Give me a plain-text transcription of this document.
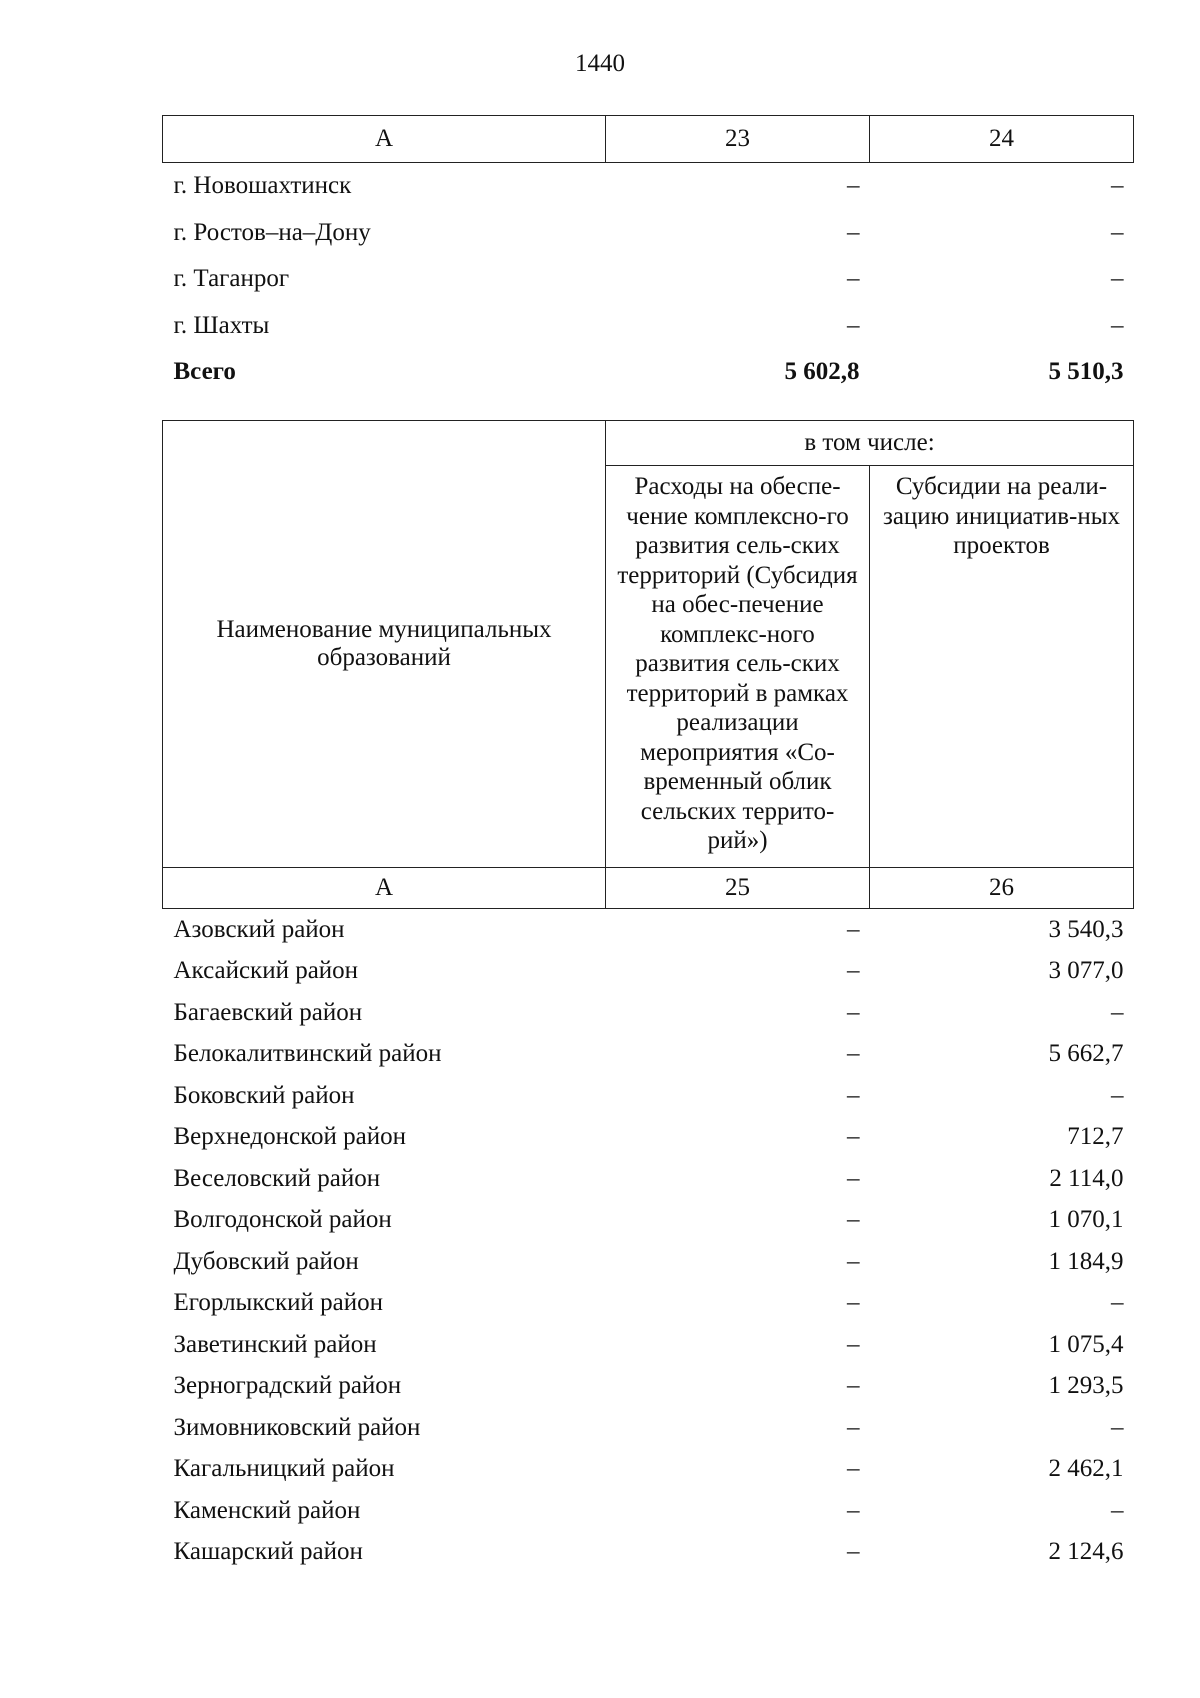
1440
А	23	24
г. Новошахтинск	–	–
г. Ростов–на–Дону	–	–
г. Таганрог	–	–
г. Шахты	–	–
Всего	5 602,8	5 510,3
Наименование муниципальных образований	в том числе:	
	Расходы на обеспе-чение комплексно-го развития сель-ских территорий (Субсидия на обес-печение комплекс-ного развития сель-ских территорий в рамках реализации мероприятия «Со-временный облик сельских террито-рий»)	Субсидии на реали-зацию инициатив-ных проектов
А	25	26
Азовский район	–	3 540,3
Аксайский район	–	3 077,0
Багаевский район	–	–
Белокалитвинский район	–	5 662,7
Боковский район	–	–
Верхнедонской район	–	712,7
Веселовский район	–	2 114,0
Волгодонской район	–	1 070,1
Дубовский район	–	1 184,9
Егорлыкский район	–	–
Заветинский район	–	1 075,4
Зерноградский район	–	1 293,5
Зимовниковский район	–	–
Кагальницкий район	–	2 462,1
Каменский район	–	–
Кашарский район	–	2 124,6
